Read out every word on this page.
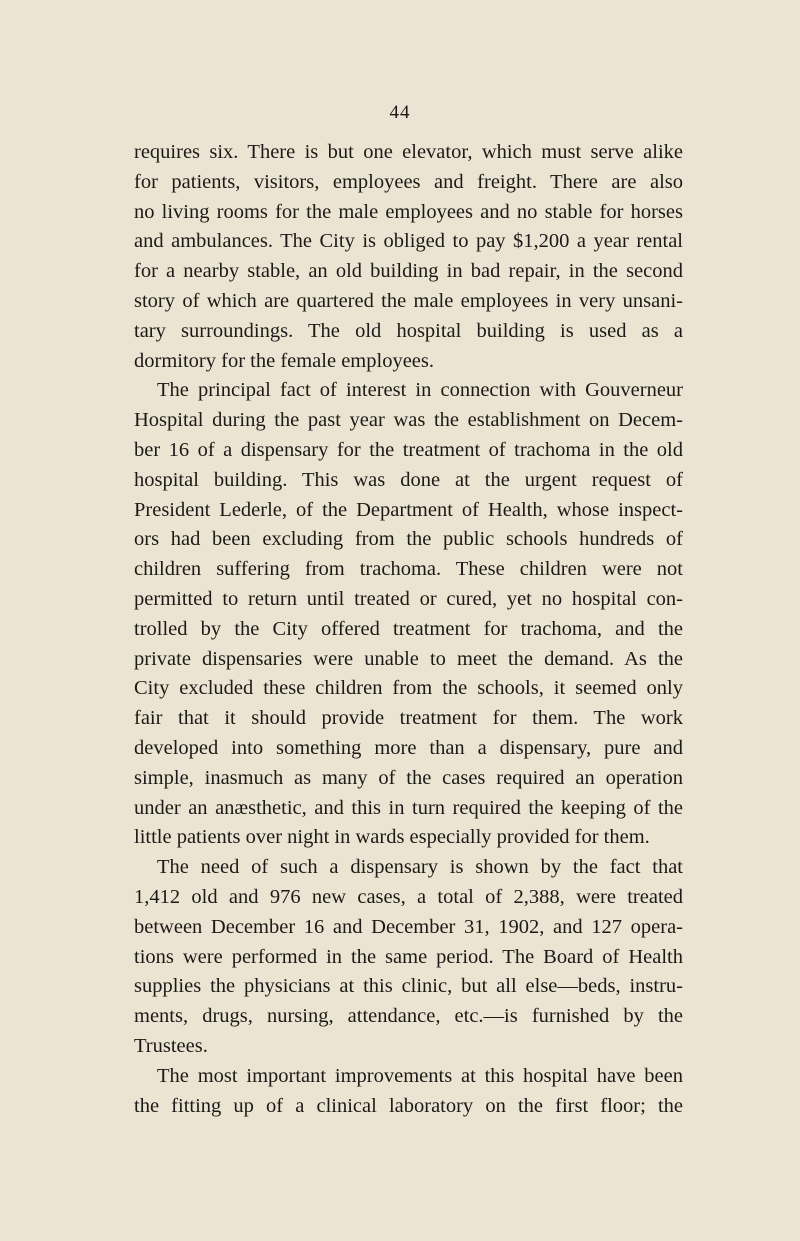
44
requires six. There is but one elevator, which must serve alike
for patients, visitors, employees and freight. There are also
no living rooms for the male employees and no stable for horses
and ambulances. The City is obliged to pay $1,200 a year rental
for a nearby stable, an old building in bad repair, in the second
story of which are quartered the male employees in very unsani-
tary surroundings. The old hospital building is used as a
dormitory for the female employees.
The principal fact of interest in connection with Gouverneur
Hospital during the past year was the establishment on Decem-
ber 16 of a dispensary for the treatment of trachoma in the old
hospital building. This was done at the urgent request of
President Lederle, of the Department of Health, whose inspect-
ors had been excluding from the public schools hundreds of
children suffering from trachoma. These children were not
permitted to return until treated or cured, yet no hospital con-
trolled by the City offered treatment for trachoma, and the
private dispensaries were unable to meet the demand. As the
City excluded these children from the schools, it seemed only
fair that it should provide treatment for them. The work
developed into something more than a dispensary, pure and
simple, inasmuch as many of the cases required an operation
under an anæsthetic, and this in turn required the keeping of the
little patients over night in wards especially provided for them.
The need of such a dispensary is shown by the fact that
1,412 old and 976 new cases, a total of 2,388, were treated
between December 16 and December 31, 1902, and 127 opera-
tions were performed in the same period. The Board of Health
supplies the physicians at this clinic, but all else—beds, instru-
ments, drugs, nursing, attendance, etc.—is furnished by the
Trustees.
The most important improvements at this hospital have been
the fitting up of a clinical laboratory on the first floor; the
